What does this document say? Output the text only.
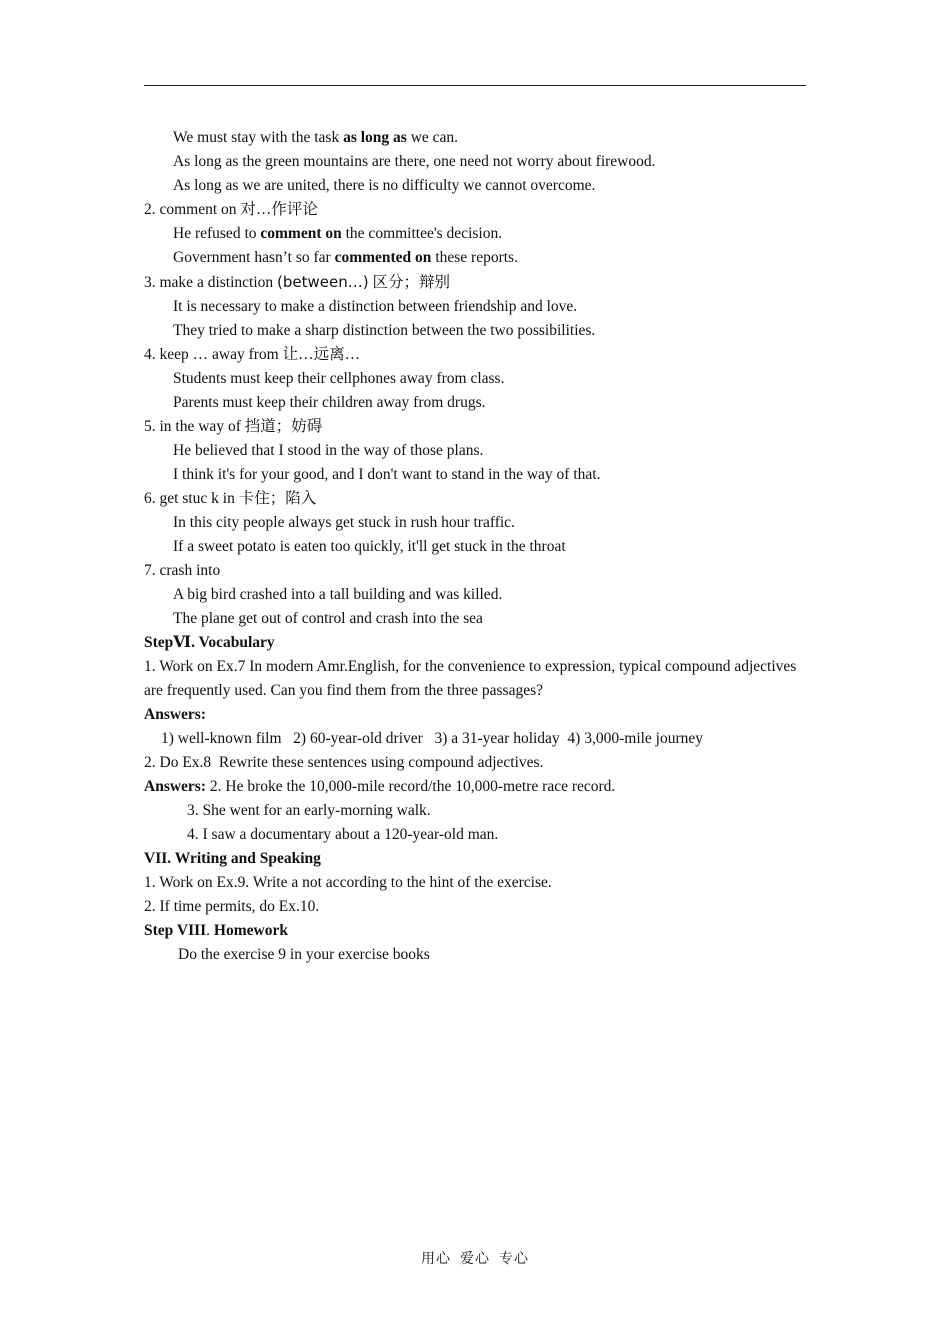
We must stay with the task as long as we can.
As long as the green mountains are there, one need not worry about firewood.
As long as we are united, there is no difficulty we cannot overcome.
2. comment on 对…作评论
He refused to comment on the committee's decision.
Government hasn’t so far commented on these reports.
3. make a distinction (between…) 区分；辩别
It is necessary to make a distinction between friendship and love.
They tried to make a sharp distinction between the two possibilities.
4. keep … away from 让…远离…
Students must keep their cellphones away from class.
Parents must keep their children away from drugs.
5. in the way of 挡道；妨碍
He believed that I stood in the way of those plans.
I think it's for your good, and I don't want to stand in the way of that.
6. get stuc k in 卡住；陷入
In this city people always get stuck in rush hour traffic.
If a sweet potato is eaten too quickly, it'll get stuck in the throat
7. crash into
A big bird crashed into a tall building and was killed.
The plane get out of control and crash into the sea
StepⅥ. Vocabulary
1. Work on Ex.7 In modern Amr.English, for the convenience to expression, typical compound adjectives are frequently used. Can you find them from the three passages?
Answers:
1) well-known film   2) 60-year-old driver   3) a 31-year holiday  4) 3,000-mile journey
2. Do Ex.8  Rewrite these sentences using compound adjectives.
Answers: 2. He broke the 10,000-mile record/the 10,000-metre race record.
3. She went for an early-morning walk.
4. I saw a documentary about a 120-year-old man.
VII. Writing and Speaking
1. Work on Ex.9. Write a not according to the hint of the exercise.
2. If time permits, do Ex.10.
Step VIII. Homework
Do the exercise 9 in your exercise books
用心  爱心  专心
